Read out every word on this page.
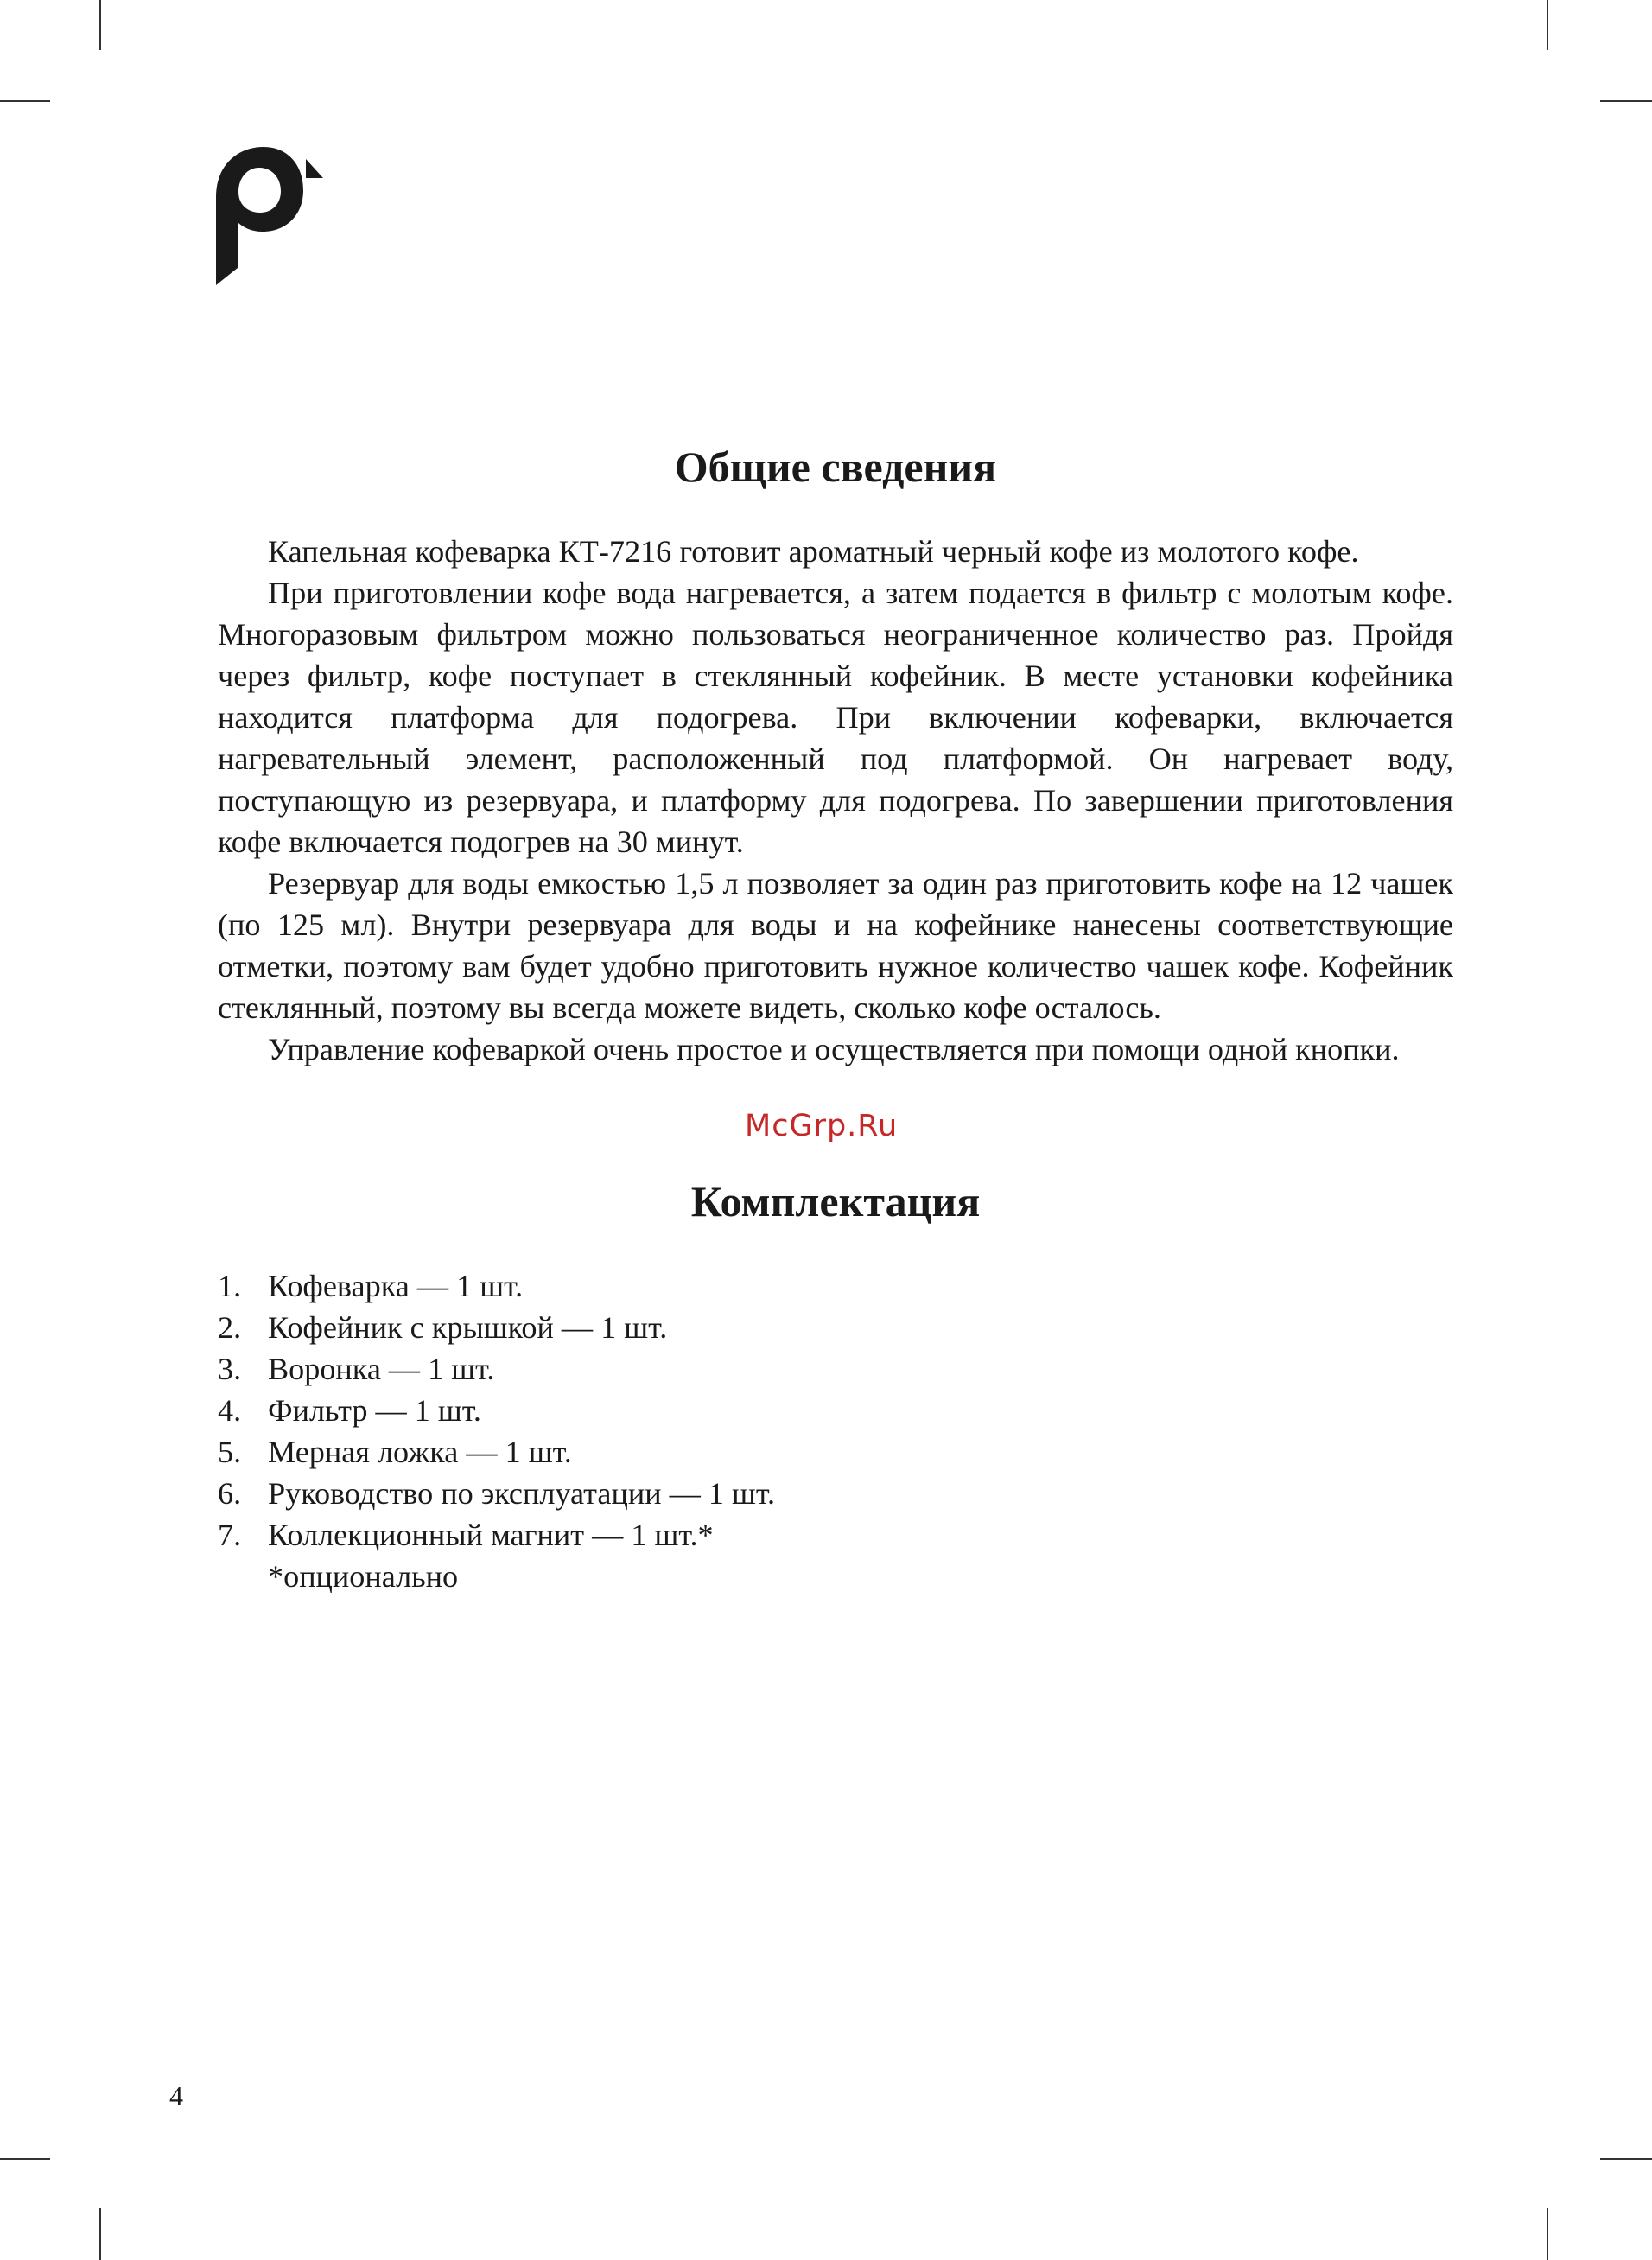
Общие сведения

Капельная кофеварка КТ-7216 готовит ароматный черный кофе из молотого кофе.

При приготовлении кофе вода нагревается, а затем подается в фильтр с молотым кофе. Многоразовым фильтром можно пользоваться неограниченное количество раз. Пройдя через фильтр, кофе поступает в стеклянный кофейник. В месте установки кофейника находится платформа для подогрева. При включении кофеварки, включается нагревательный элемент, расположенный под платформой. Он нагревает воду, поступающую из резервуара, и платформу для подогрева. По завершении приготовления кофе включается подогрев на 30 минут.

Резервуар для воды емкостью 1,5 л позволяет за один раз приготовить кофе на 12 чашек (по 125 мл). Внутри резервуара для воды и на кофейнике нанесены соответствующие отметки, поэтому вам будет удобно приготовить нужное количество чашек кофе. Кофейник стеклянный, поэтому вы всегда можете видеть, сколько кофе осталось.

Управление кофеваркой очень простое и осуществляется при помощи одной кнопки.

Комплектация
1. Кофеварка — 1 шт.
2. Кофейник с крышкой — 1 шт.
3. Воронка — 1 шт.
4. Фильтр — 1 шт.
5. Мерная ложка — 1 шт.
6. Руководство по эксплуатации — 1 шт.
7. Коллекционный магнит — 1 шт.*
*опционально
McGrp.Ru
4
